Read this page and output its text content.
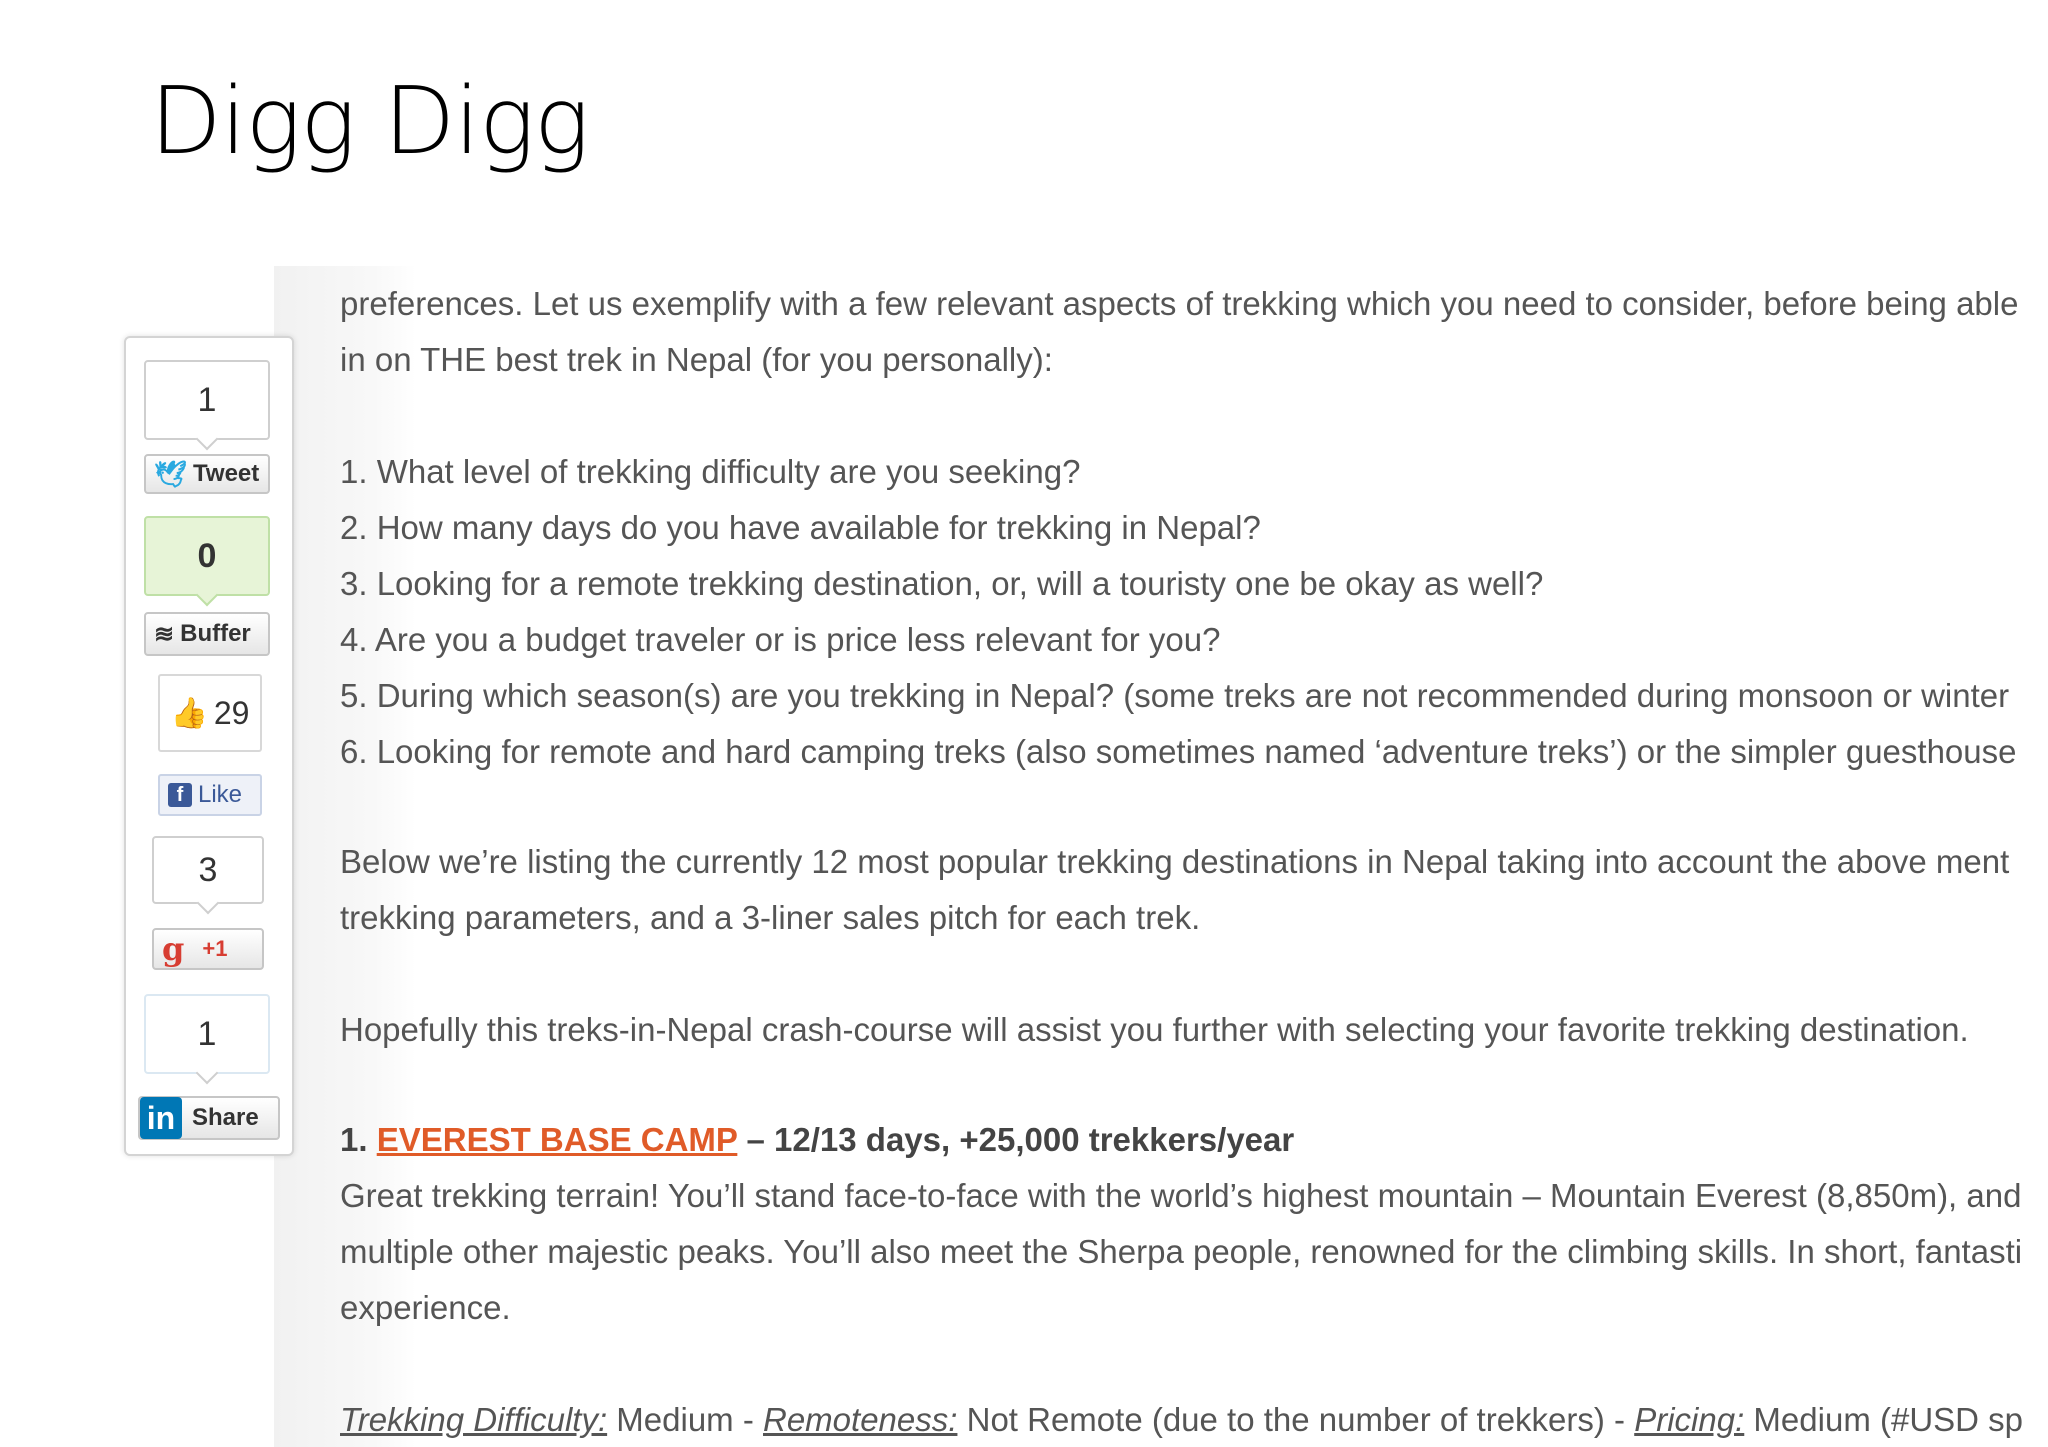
Digg Digg
1
🕊 Tweet
0
≋ Buffer
👍 29
f Like
3
g +1
1
in Share

preferences. Let us exemplify with a few relevant aspects of trekking which you need to consider, before being able

in on THE best trek in Nepal (for you personally):

1. What level of trekking difficulty are you seeking?

2. How many days do you have available for trekking in Nepal?

3. Looking for a remote trekking destination, or, will a touristy one be okay as well?

4. Are you a budget traveler or is price less relevant for you?

5. During which season(s) are you trekking in Nepal? (some treks are not recommended during monsoon or winter

6. Looking for remote and hard camping treks (also sometimes named ‘adventure treks’) or the simpler guesthouse

Below we’re listing the currently 12 most popular trekking destinations in Nepal taking into account the above ment

trekking parameters, and a 3-liner sales pitch for each trek.

Hopefully this treks-in-Nepal crash-course will assist you further with selecting your favorite trekking destination.

1. EVEREST BASE CAMP – 12/13 days, +25,000 trekkers/year

Great trekking terrain! You’ll stand face-to-face with the world’s highest mountain – Mountain Everest (8,850m), and

multiple other majestic peaks. You’ll also meet the Sherpa people, renowned for the climbing skills. In short, fantasti

experience.

Trekking Difficulty: Medium - Remoteness: Not Remote (due to the number of trekkers) - Pricing: Medium (#USD sp
